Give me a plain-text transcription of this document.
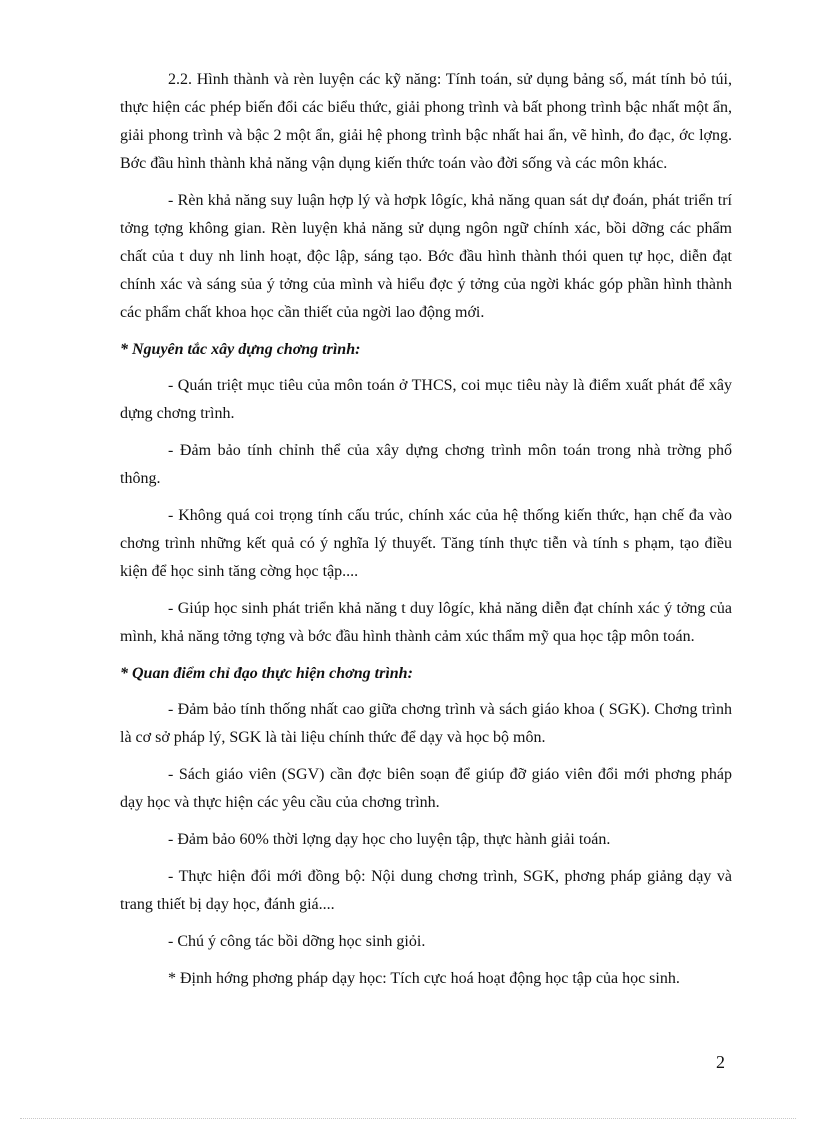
2.2. Hình thành và rèn luyện các kỹ năng: Tính toán, sử dụng bảng số, mát tính bỏ túi, thực hiện các phép biến đổi các biểu thức, giải phong trình và bất phong trình bậc nhất một ẩn, giải phong trình và bậc 2 một ẩn, giải hệ phong trình bậc nhất hai ẩn, vẽ hình, đo đạc, ớc lợng. Bớc đầu hình thành khả năng vận dụng kiến thức toán vào đời sống và các môn khác.

- Rèn khả năng suy luận hợp lý và hơpk lôgíc, khả năng quan sát dự đoán, phát triển trí tởng tợng không gian. Rèn luyện khả năng sử dụng ngôn ngữ chính xác, bồi dỡng các phẩm chất của t duy nh linh hoạt, độc lập, sáng tạo. Bớc đầu hình thành thói quen tự học, diễn đạt chính xác và sáng sủa ý tởng của mình và hiểu đợc ý tởng của ngời khác góp phần hình thành các phẩm chất khoa học cần thiết của ngời lao động mới.

* Nguyên tắc xây dựng chơng trình:

- Quán triệt mục tiêu của môn toán ở THCS, coi mục tiêu này là điểm xuất phát để xây dựng chơng trình.

- Đảm bảo tính chỉnh thể của xây dựng chơng trình môn toán trong nhà trờng phổ thông.

- Không quá coi trọng tính cấu trúc, chính xác của hệ thống kiến thức, hạn chế đa vào chơng trình những kết quả có ý nghĩa lý thuyết. Tăng tính thực tiễn và tính s phạm, tạo điều kiện để học sinh tăng cờng học tập....

- Giúp học sinh phát triển khả năng t duy lôgíc, khả năng diễn đạt chính xác ý tởng của mình, khả năng tởng tợng và bớc đầu hình thành cảm xúc thẩm mỹ qua học tập môn toán.

* Quan điểm chỉ đạo thực hiện chơng trình:

- Đảm bảo tính thống nhất cao giữa chơng trình và sách giáo khoa ( SGK). Chơng trình là cơ sở pháp lý, SGK là tài liệu chính thức để dạy và học bộ môn.

- Sách giáo viên (SGV) cần đợc biên soạn để giúp đỡ giáo viên đổi mới phơng pháp dạy học và thực hiện các yêu cầu của chơng trình.

- Đảm bảo 60% thời lợng dạy học cho luyện tập, thực hành giải toán.

- Thực hiện đổi mới đồng bộ: Nội dung chơng trình, SGK, phơng pháp giảng dạy và trang thiết bị dạy học, đánh giá....

- Chú ý công tác bồi dỡng học sinh giỏi.

* Định hớng phơng pháp dạy học: Tích cực hoá hoạt động học tập của học sinh.

2
